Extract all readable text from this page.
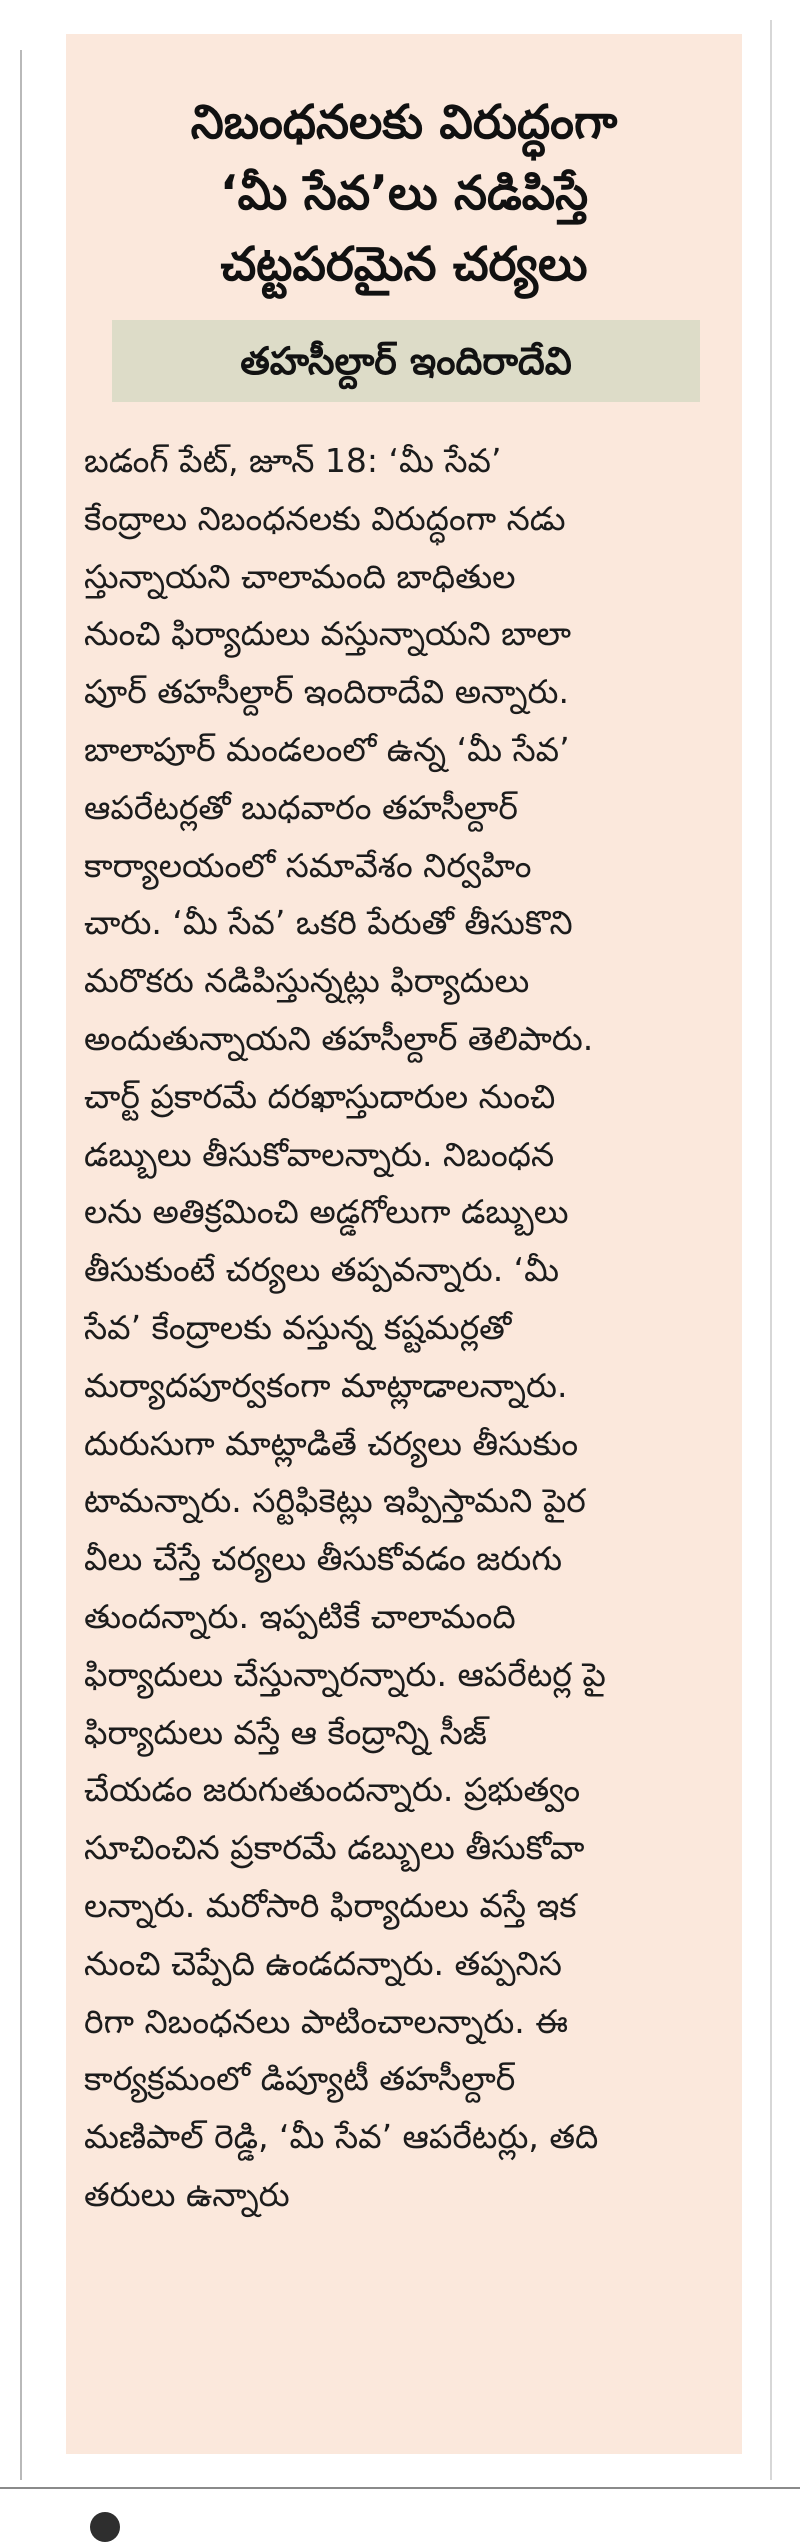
నిబంధనలకు విరుద్ధంగా
‘మీ సేవ’లు నడిపిస్తే
చట్టపరమైన చర్యలు
తహసీల్దార్ ఇందిరాదేవి
బడంగ్ పేట్, జూన్ 18: ‘మీ సేవ’
కేంద్రాలు నిబంధనలకు విరుద్ధంగా నడు
స్తున్నాయని చాలామంది బాధితుల
నుంచి ఫిర్యాదులు వస్తున్నాయని బాలా
పూర్ తహసీల్దార్ ఇందిరాదేవి అన్నారు.
బాలాపూర్ మండలంలో ఉన్న ‘మీ సేవ’
ఆపరేటర్లతో బుధవారం తహసీల్దార్
కార్యాలయంలో సమావేశం నిర్వహిం
చారు. ‘మీ సేవ’ ఒకరి పేరుతో తీసుకొని
మరొకరు నడిపిస్తున్నట్లు ఫిర్యాదులు
అందుతున్నాయని తహసీల్దార్ తెలిపారు.
చార్ట్ ప్రకారమే దరఖాస్తుదారుల నుంచి
డబ్బులు తీసుకోవాలన్నారు. నిబంధన
లను అతిక్రమించి అడ్డగోలుగా డబ్బులు
తీసుకుంటే చర్యలు తప్పవన్నారు. ‘మీ
సేవ’ కేంద్రాలకు వస్తున్న కష్టమర్లతో
మర్యాదపూర్వకంగా మాట్లాడాలన్నారు.
దురుసుగా మాట్లాడితే చర్యలు తీసుకుం
టామన్నారు. సర్టిఫికెట్లు ఇప్పిస్తామని పైర
వీలు చేస్తే చర్యలు తీసుకోవడం జరుగు
తుందన్నారు. ఇప్పటికే చాలామంది
ఫిర్యాదులు చేస్తున్నారన్నారు. ఆపరేటర్ల పై
ఫిర్యాదులు వస్తే ఆ కేంద్రాన్ని సీజ్
చేయడం జరుగుతుందన్నారు. ప్రభుత్వం
సూచించిన ప్రకారమే డబ్బులు తీసుకోవా
లన్నారు. మరోసారి ఫిర్యాదులు వస్తే ఇక
నుంచి చెప్పేది ఉండదన్నారు. తప్పనిస
రిగా నిబంధనలు పాటించాలన్నారు. ఈ
కార్యక్రమంలో డిప్యూటీ తహసీల్దార్
మణిపాల్ రెడ్డి, ‘మీ సేవ’ ఆపరేటర్లు, తది
తరులు ఉన్నారు
